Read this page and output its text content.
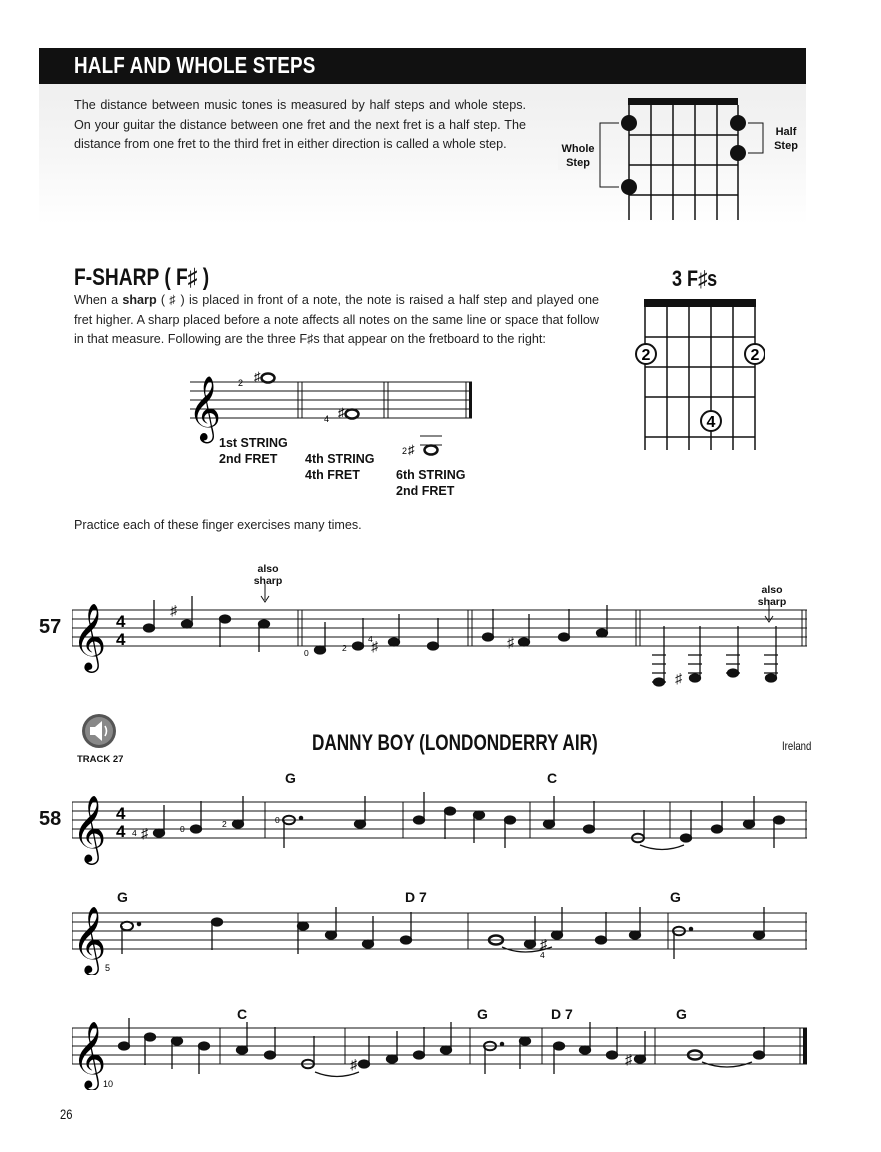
HALF AND WHOLE STEPS
The distance between music tones is measured by half steps and whole steps. On your guitar the distance between one fret and the next fret is a half step. The distance from one fret to the third fret in either direction is called a whole step.	Whole
Step
Half
Step
F-SHARP ( F♯ )
When a sharp ( ♯ ) is placed in front of a note, the note is raised a half step and played one fret higher. A sharp placed before a note affects all notes on the same line or space that follow in that measure. Following are the three F♯s that appear on the fretboard to the right:
3 F♯s
2	2
4
𝄞	♯
♯
♯
2
4
2
1st STRING
2nd FRET	4th STRING
4th FRET	6th STRING
2nd FRET
Practice each of these finger exercises many times.
57
also
sharp
also
sharp
𝄞 4
4
♯
♯	♯
♯
0	2
4
TRACK 27
DANNY BOY (LONDONDERRY AIR)	Ireland
58
G	C
𝄞 4
4 ♯
4	0	2	0
G	D 7	G
𝄞
5
♯
4
C	G	D 7	G
𝄞
10
♯	♯
26
